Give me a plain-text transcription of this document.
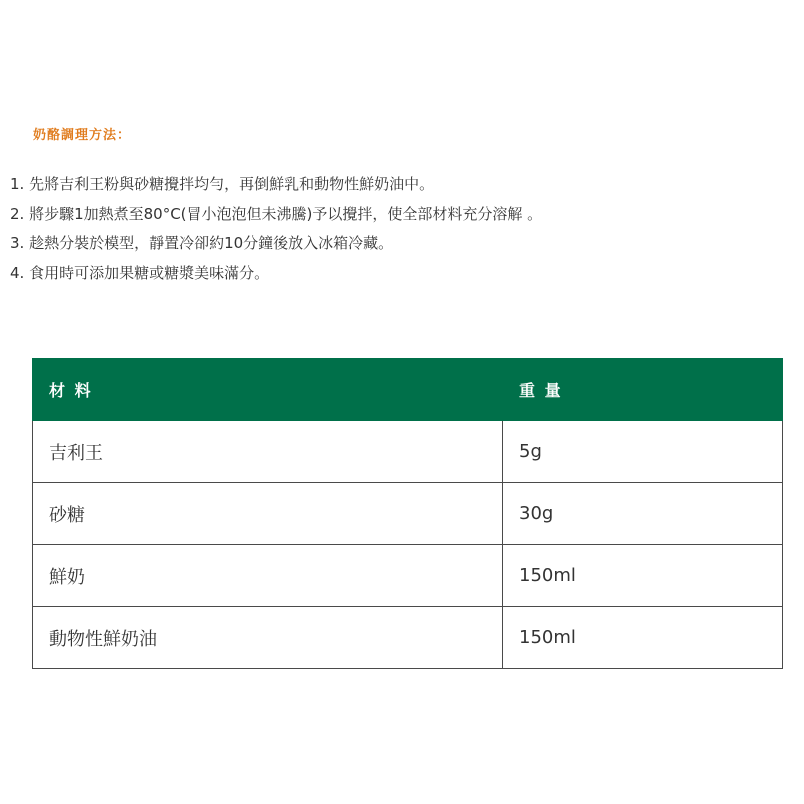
奶酪調理方法：
1. 先將吉利王粉與砂糖攪拌均勻，再倒鮮乳和動物性鮮奶油中。
2. 將步驟1加熱煮至80°C(冒小泡泡但未沸騰)予以攪拌，使全部材料充分溶解 。
3. 趁熱分裝於模型，靜置冷卻約10分鐘後放入冰箱冷藏。
4. 食用時可添加果糖或糖漿美味滿分。
材 料	重 量
吉利王	5g
砂糖	30g
鮮奶	150ml
動物性鮮奶油	150ml
